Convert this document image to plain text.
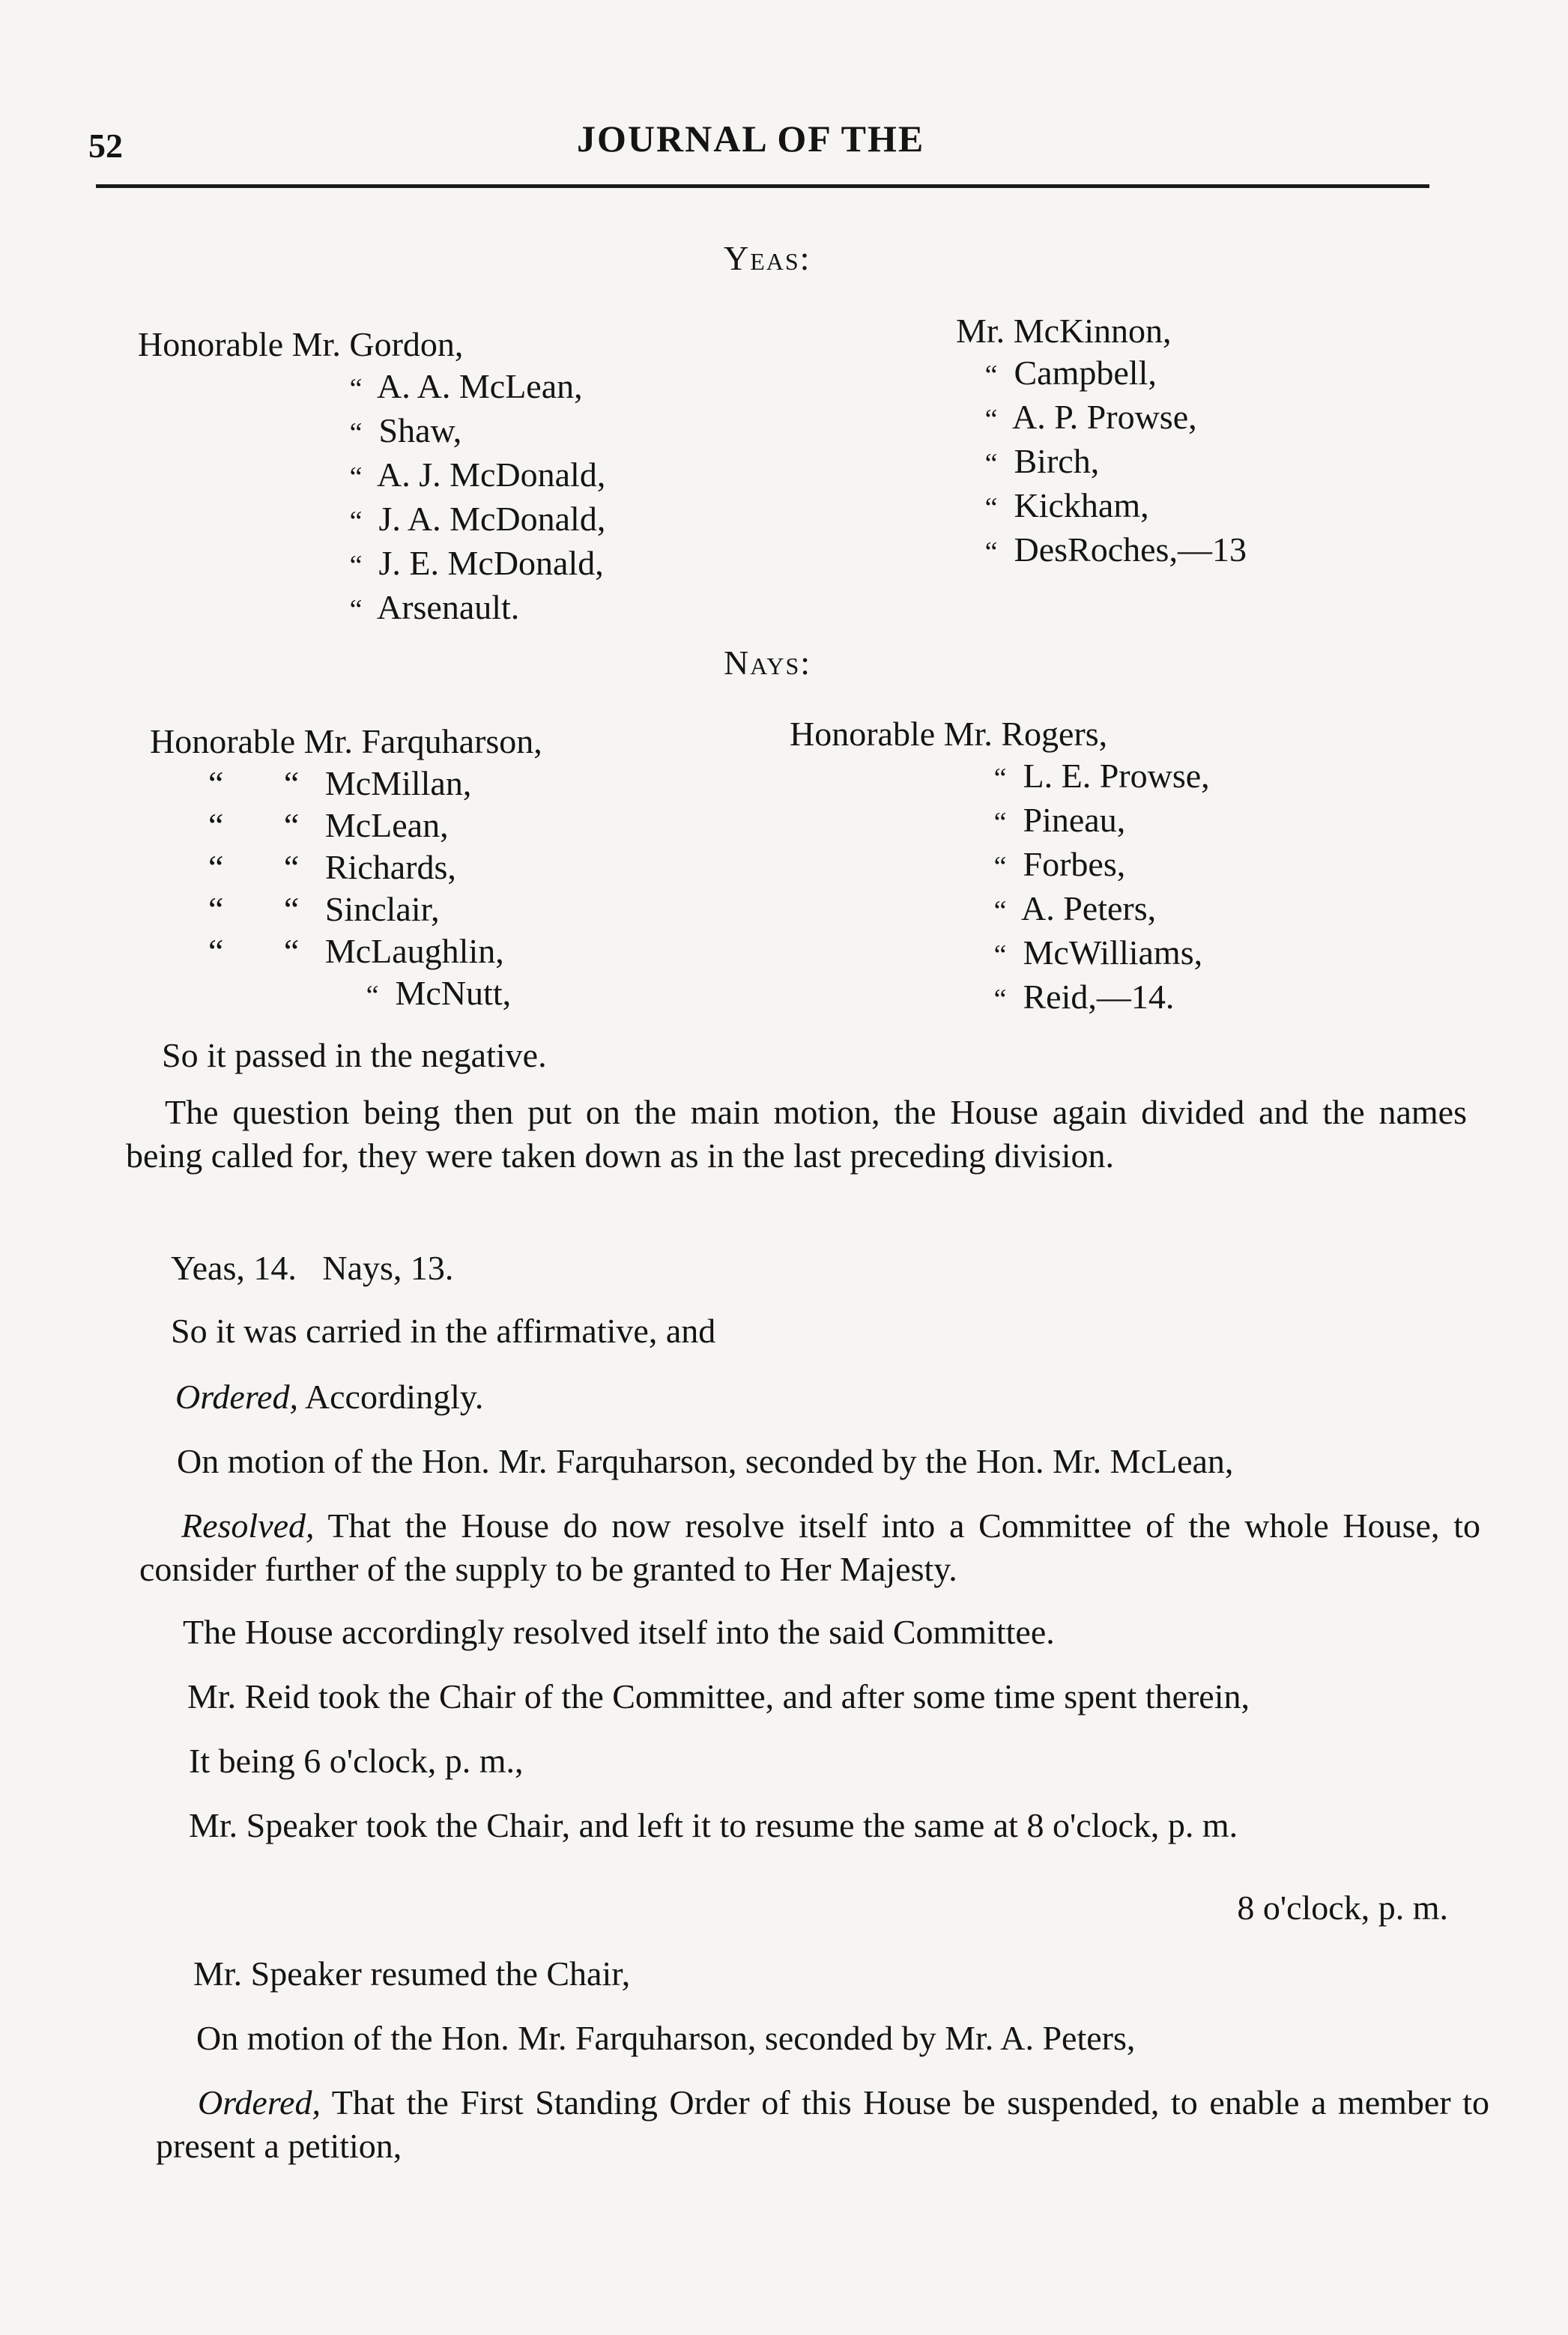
52	JOURNAL OF THE
Yeas:
Honorable Mr. Gordon,
“ A. A. McLean,
“ Shaw,
“ A. J. McDonald,
“ J. A. McDonald,
“ J. E. McDonald,
“ Arsenault.
Mr. McKinnon,
“ Campbell,
“ A. P. Prowse,
“ Birch,
“ Kickham,
“ DesRoches,—13
Nays:
Honorable Mr. Farquharson,
“       “ McMillan,
“       “ McLean,
“       “ Richards,
“       “ Sinclair,
“       “ McLaughlin,
“ McNutt,
Honorable Mr. Rogers,
“ L. E. Prowse,
“ Pineau,
“ Forbes,
“ A. Peters,
“ McWilliams,
“ Reid,—14.
So it passed in the negative.
The question being then put on the main motion, the House again divided and the names being called for, they were taken down as in the last preceding division.
Yeas, 14.   Nays, 13.
So it was carried in the affirmative, and
Ordered, Accordingly.
On motion of the Hon. Mr. Farquharson, seconded by the Hon. Mr. McLean,
Resolved, That the House do now resolve itself into a Committee of the whole House, to consider further of the supply to be granted to Her Majesty.
The House accordingly resolved itself into the said Committee.
Mr. Reid took the Chair of the Committee, and after some time spent therein,
It being 6 o'clock, p. m.,
Mr. Speaker took the Chair, and left it to resume the same at 8 o'clock, p. m.
8 o'clock, p. m.
Mr. Speaker resumed the Chair,
On motion of the Hon. Mr. Farquharson, seconded by Mr. A. Peters,
Ordered, That the First Standing Order of this House be suspended, to enable a member to present a petition,
